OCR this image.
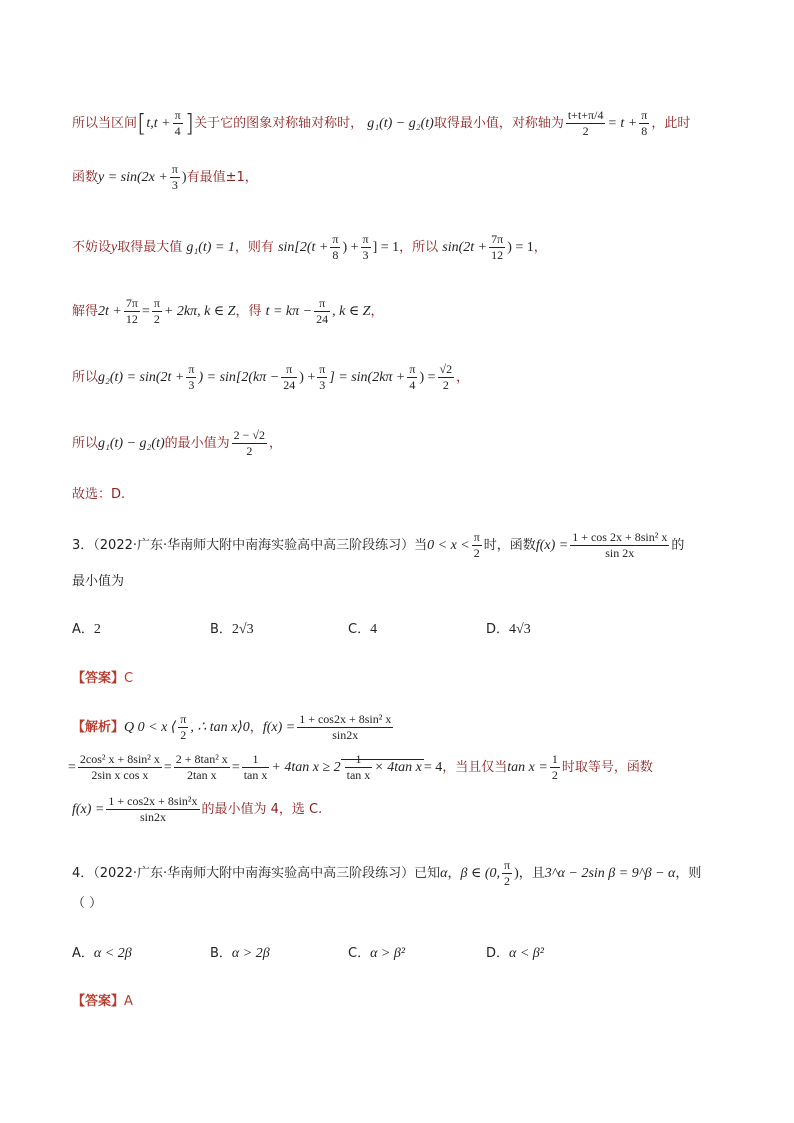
所以当区间[$t,t + \frac{\pi}{4}$ ]关于它的图象对称轴对称时， g₁(t) − g₂(t)取得最小值，对称轴为 $\frac{t+t+\pi/4}{2} = t + \frac{\pi}{8}$ ，此时
函数$y = \sin(2x + \frac{\pi}{3}$ )有最值±1，
不妨设y取得最大值 g₁(t) = 1，则有 $\sin[2(t + \frac{\pi}{8}$ ) + $\frac{\pi}{3}$ ] = 1，所以 $\sin(2t + \frac{7\pi}{12}$ ) = 1，
解得$2t + \frac{7\pi}{12} = \frac{\pi}{2} + 2k\pi$, k ∈ Z，得 $t = k\pi - \frac{\pi}{24}$ , k ∈ Z，
所以$g_2(t) = \sin(2t + \frac{\pi}{3}$ ) = $\sin[2(k\pi - \frac{\pi}{24}$ ) + $\frac{\pi}{3}$ ] = $\sin(2k\pi + \frac{\pi}{4}$ ) = $\frac{√2}{2}$ ，
所以g₁(t) − g₂(t)的最小值为 $\frac{2 - √2}{2}$ ，
故选：D.
3．（2022·广东·华南师大附中南海实验高中高三阶段练习）当$0 < x < \frac{\pi}{2}$ 时，函数$f(x) = \frac{\text{1 + cos 2x + 8sin² x}}{\sin 2x}$ 的
最小值为
A．2	B．2√3	C．4	D．4√3
【答案】C
【解析】Q 0 < x ⟨ $\frac{\pi}{2}$ , ∴ tan x⟩0，$f(x) = \frac{\text{1 + cos2x + 8sin² x}}{\sin 2x}$
= $\frac{\text{2cos² x + 8sin² x}}{\text{2sin x cos x}} = \frac{\text{2 + 8tan² x}}{\text{2tan x}} = \frac{1}{\text{tan x}} + 4\tan$ $x \ge 2 \frac{1}{\text{tan x}} \times 4\tan$ x = 4，当且仅当$\tan x = \frac{1}{2}$ 时取等号，函数
$f(x) = \frac{\text{1 + cos2x + 8sin²x}}{\sin 2x}$ 的最小值为 4，选 C.
4．（2022·广东·华南师大附中南海实验高中高三阶段练习）已知α，β ∈ (0, $\frac{\pi}{2}$ )，且3^α − 2sin β = 9^β − α，则
（ ）
A．α < 2β	B．α > 2β	C．α > β²	D．α < β²
【答案】A
